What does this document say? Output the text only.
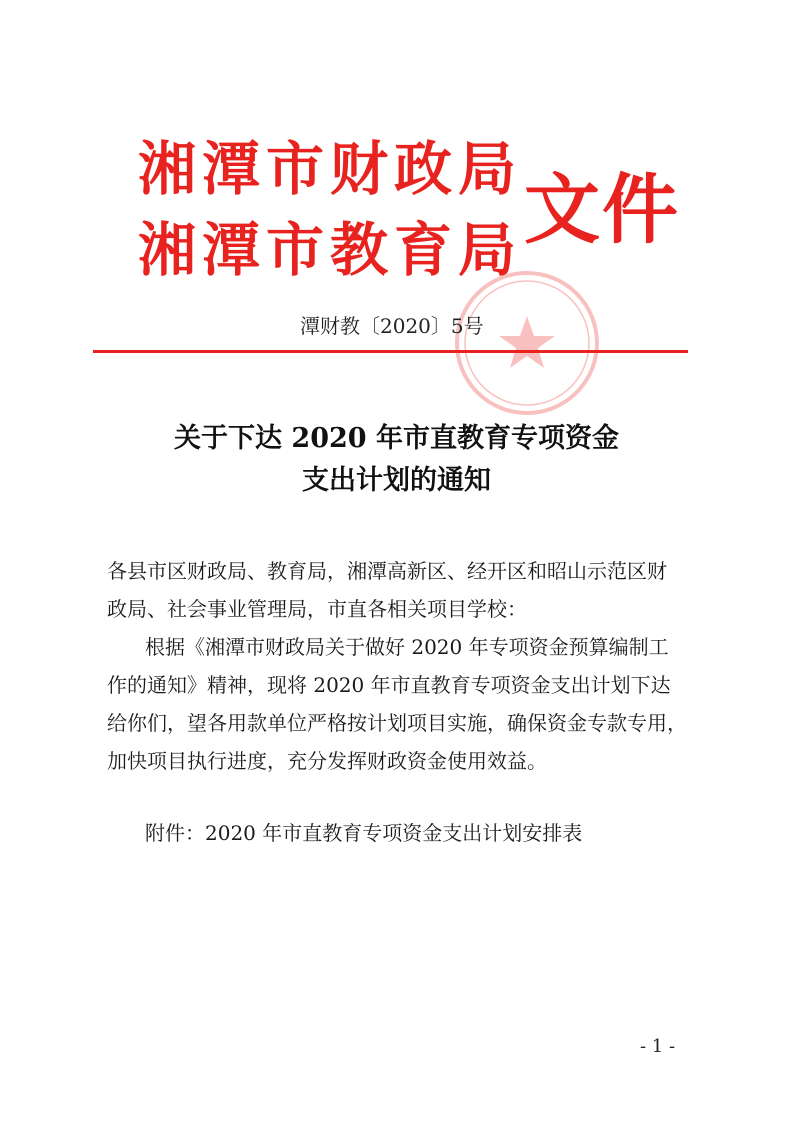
湘潭市财政局
湘潭市教育局 文件
潭财教〔2020〕5号
关于下达 2020 年市直教育专项资金
支出计划的通知
各县市区财政局、教育局，湘潭高新区、经开区和昭山示范区财
政局、社会事业管理局，市直各相关项目学校：
根据《湘潭市财政局关于做好 2020 年专项资金预算编制工
作的通知》精神，现将 2020 年市直教育专项资金支出计划下达
给你们，望各用款单位严格按计划项目实施，确保资金专款专用，
加快项目执行进度，充分发挥财政资金使用效益。
附件：2020 年市直教育专项资金支出计划安排表
- 1 -
